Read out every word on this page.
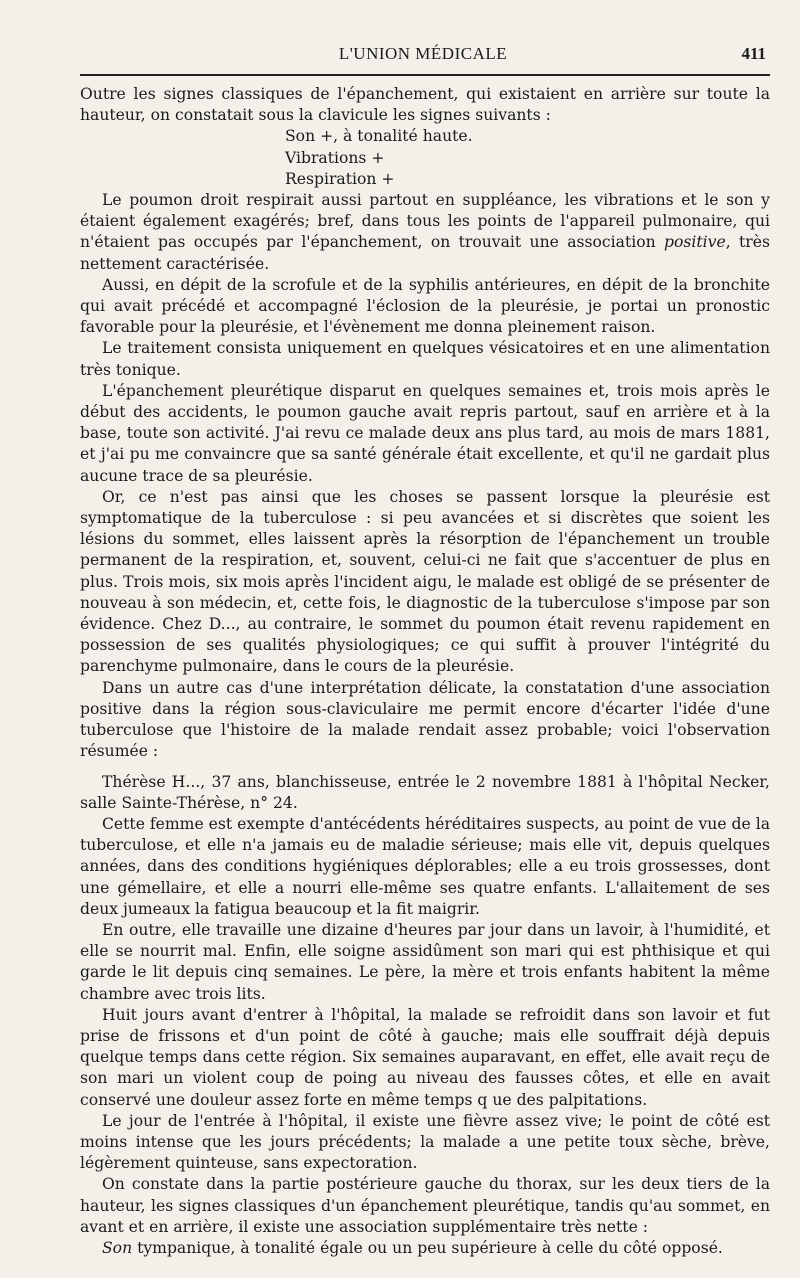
L'UNION MÉDICALE	411

Outre les signes classiques de l'épanchement, qui existaient en arrière sur toute la hauteur, on constatait sous la clavicule les signes suivants :

Son +, à tonalité haute.
Vibrations +
Respiration +

Le poumon droit respirait aussi partout en suppléance, les vibrations et le son y étaient également exagérés; bref, dans tous les points de l'appareil pulmonaire, qui n'étaient pas occupés par l'épanchement, on trouvait une association positive, très nettement caractérisée.

Aussi, en dépit de la scrofule et de la syphilis antérieures, en dépit de la bronchite qui avait précédé et accompagné l'éclosion de la pleurésie, je portai un pronostic favorable pour la pleurésie, et l'évènement me donna pleinement raison.

Le traitement consista uniquement en quelques vésicatoires et en une alimentation très tonique.

L'épanchement pleurétique disparut en quelques semaines et, trois mois après le début des accidents, le poumon gauche avait repris partout, sauf en arrière et à la base, toute son activité. J'ai revu ce malade deux ans plus tard, au mois de mars 1881, et j'ai pu me convaincre que sa santé générale était excellente, et qu'il ne gardait plus aucune trace de sa pleurésie.

Or, ce n'est pas ainsi que les choses se passent lorsque la pleurésie est symptomatique de la tuberculose : si peu avancées et si discrètes que soient les lésions du sommet, elles laissent après la résorption de l'épanchement un trouble permanent de la respiration, et, souvent, celui-ci ne fait que s'accentuer de plus en plus. Trois mois, six mois après l'incident aigu, le malade est obligé de se présenter de nouveau à son médecin, et, cette fois, le diagnostic de la tuberculose s'impose par son évidence. Chez D..., au contraire, le sommet du poumon était revenu rapidement en possession de ses qualités physiologiques; ce qui suffit à prouver l'intégrité du parenchyme pulmonaire, dans le cours de la pleurésie.

Dans un autre cas d'une interprétation délicate, la constatation d'une association positive dans la région sous-claviculaire me permit encore d'écarter l'idée d'une tuberculose que l'histoire de la malade rendait assez probable; voici l'observation résumée :

Thérèse H..., 37 ans, blanchisseuse, entrée le 2 novembre 1881 à l'hôpital Necker, salle Sainte-Thérèse, n° 24.

Cette femme est exempte d'antécédents héréditaires suspects, au point de vue de la tuberculose, et elle n'a jamais eu de maladie sérieuse; mais elle vit, depuis quelques années, dans des conditions hygiéniques déplorables; elle a eu trois grossesses, dont une gémellaire, et elle a nourri elle-même ses quatre enfants. L'allaitement de ses deux jumeaux la fatigua beaucoup et la fit maigrir.

En outre, elle travaille une dizaine d'heures par jour dans un lavoir, à l'humidité, et elle se nourrit mal. Enfin, elle soigne assidûment son mari qui est phthisique et qui garde le lit depuis cinq semaines. Le père, la mère et trois enfants habitent la même chambre avec trois lits.

Huit jours avant d'entrer à l'hôpital, la malade se refroidit dans son lavoir et fut prise de frissons et d'un point de côté à gauche; mais elle souffrait déjà depuis quelque temps dans cette région. Six semaines auparavant, en effet, elle avait reçu de son mari un violent coup de poing au niveau des fausses côtes, et elle en avait conservé une douleur assez forte en même temps q ue des palpitations.

Le jour de l'entrée à l'hôpital, il existe une fièvre assez vive; le point de côté est moins intense que les jours précédents; la malade a une petite toux sèche, brève, légèrement quinteuse, sans expectoration.

On constate dans la partie postérieure gauche du thorax, sur les deux tiers de la hauteur, les signes classiques d'un épanchement pleurétique, tandis qu'au sommet, en avant et en arrière, il existe une association supplémentaire très nette :

Son tympanique, à tonalité égale ou un peu supérieure à celle du côté opposé.
